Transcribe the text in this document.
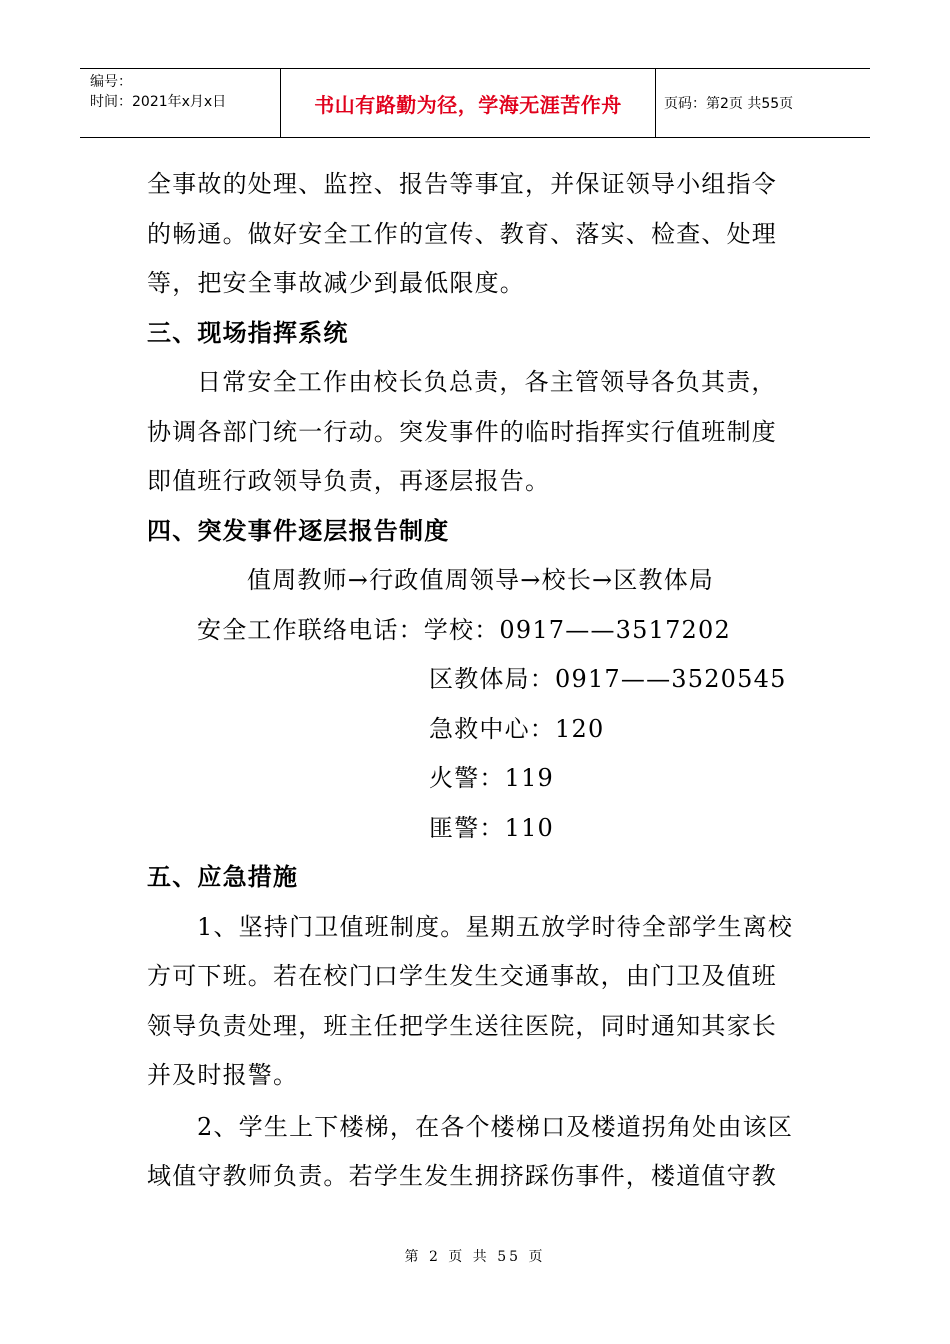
编号：
时间：2021年x月x日	书山有路勤为径，学海无涯苦作舟	页码：第2页 共55页
全事故的处理、监控、报告等事宜，并保证领导小组指令
的畅通。做好安全工作的宣传、教育、落实、检查、处理
等，把安全事故减少到最低限度。
三、现场指挥系统
日常安全工作由校长负总责，各主管领导各负其责，
协调各部门统一行动。突发事件的临时指挥实行值班制度
即值班行政领导负责，再逐层报告。
四、突发事件逐层报告制度
值周教师→行政值周领导→校长→区教体局
安全工作联络电话：学校：0917——3517202
区教体局：0917——3520545
急救中心：120
火警：119
匪警：110
五、应急措施
1、坚持门卫值班制度。星期五放学时待全部学生离校
方可下班。若在校门口学生发生交通事故，由门卫及值班
领导负责处理，班主任把学生送往医院，同时通知其家长
并及时报警。
2、学生上下楼梯，在各个楼梯口及楼道拐角处由该区
域值守教师负责。若学生发生拥挤踩伤事件，楼道值守教
第 2 页 共 55 页
